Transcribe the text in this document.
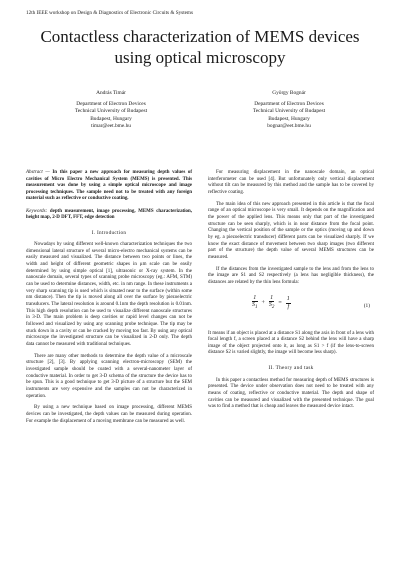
12th IEEE workshop on Design & Diagnostics of Electronic Circuits & Systems
Contactless characterization of MEMS devices using optical microscopy
András Timár
Department of Electron Devices
Technical University of Budapest
Budapest, Hungary
timar@eet.bme.hu
György Bognár
Department of Electron Devices
Technical University of Budapest
Budapest, Hungary
bognar@eet.bme.hu
Abstract — In this paper a new approach for measuring depth values of cavities of Micro Electro Mechanical System (MEMS) is presented. This measurement was done by using a simple optical microscope and image processing techniques. The sample need not to be treated with any foreign material such as reflective or conductive coating.
Keywords: depth measurement, image processing, MEMS characterization, height map, 2-D DFT, FFT, edge detection
I. Introduction

Nowadays by using different well-known characterization techniques the two dimensional lateral structure of several micro-electro mechanical systems can be easily measured and visualized. The distance between two points or lines, the width and height of different geometric shapes in μm scale can be easily determined by using simple optical [1], ultrasonic or X-ray system. In the nanoscale domain, several types of scanning probe microscopy (eg.: AFM, STM) can be used to determine distances, width, etc. in nm range. In these instruments a very sharp scanning tip is used which is situated near to the surface (within some nm distance). Then the tip is moved along all over the surface by piezoelectric transducers. The lateral resolution is around 0.1nm the depth resolution is 0.01nm. This high depth resolution can be used to visualize different nanoscale structures in 3-D. The main problem is deep cavities or rapid level changes can not be followed and visualized by using any scanning probe technique. The tip may be stuck down in a cavity or can be cracked by moving too fast. By using any optical microscope the investigated structure can be visualized in 2-D only. The depth data cannot be measured with traditional techniques.

There are many other methods to determine the depth value of a microscale structure [2], [3]. By applying scanning electron-microscopy (SEM) the investigated sample should be coated with a several-nanometer layer of conductive material. In order to get 3-D schema of the structure the device has to be spun. This is a good technique to get 3-D picture of a structure but the SEM instruments are very expensive and the samples can not be characterized in operation.

By using a new technique based on image processing, different MEMS devices can be investigated, the depth values can be measured during operation. For example the displacement of a moving membrane can be measured as well.

For measuring displacement in the nanoscale domain, an optical interferometer can be used [4]. But unfortunately only vertical displacement without tilt can be measured by this method and the sample has to be covered by reflective coating.

The main idea of this new approach presented in this article is that the focal range of an optical microscope is very small. It depends on the magnification and the power of the applied lens. This means only that part of the investigated structure can be seen sharply, which is in near distance from the focal point. Changing the vertical position of the sample or the optics (moving up and down by eg. a piezoelectric transducer) different parts can be visualized sharply. If we know the exact distance of movement between two sharp images (two different part of the structure) the depth value of several MEMS structures can be measured.

If the distances from the investigated sample to the lens and from the lens to the image are S1 and S2 respectively (a lens has negligible thickness), the distances are related by the thin lens formula:

$\frac{1}{S_1} + \frac{1}{S_2} = \frac{1}{f}$	(1)

It means if an object is placed at a distance S1 along the axis in front of a lens with focal length f, a screen placed at a distance S2 behind the lens will have a sharp image of the object projected onto it, as long as S1 > f (if the lens-to-screen distance S2 is varied slightly, the image will become less sharp).

II. Theory and task

In this paper a contactless method for measuring depth of MEMS structures is presented. The device under observation does not need to be treated with any means of coating, reflective or conductive material. The depth and shape of cavities can be measured and visualized with the presented technique. The goal was to find a method that is cheap and leaves the measured device intact.
